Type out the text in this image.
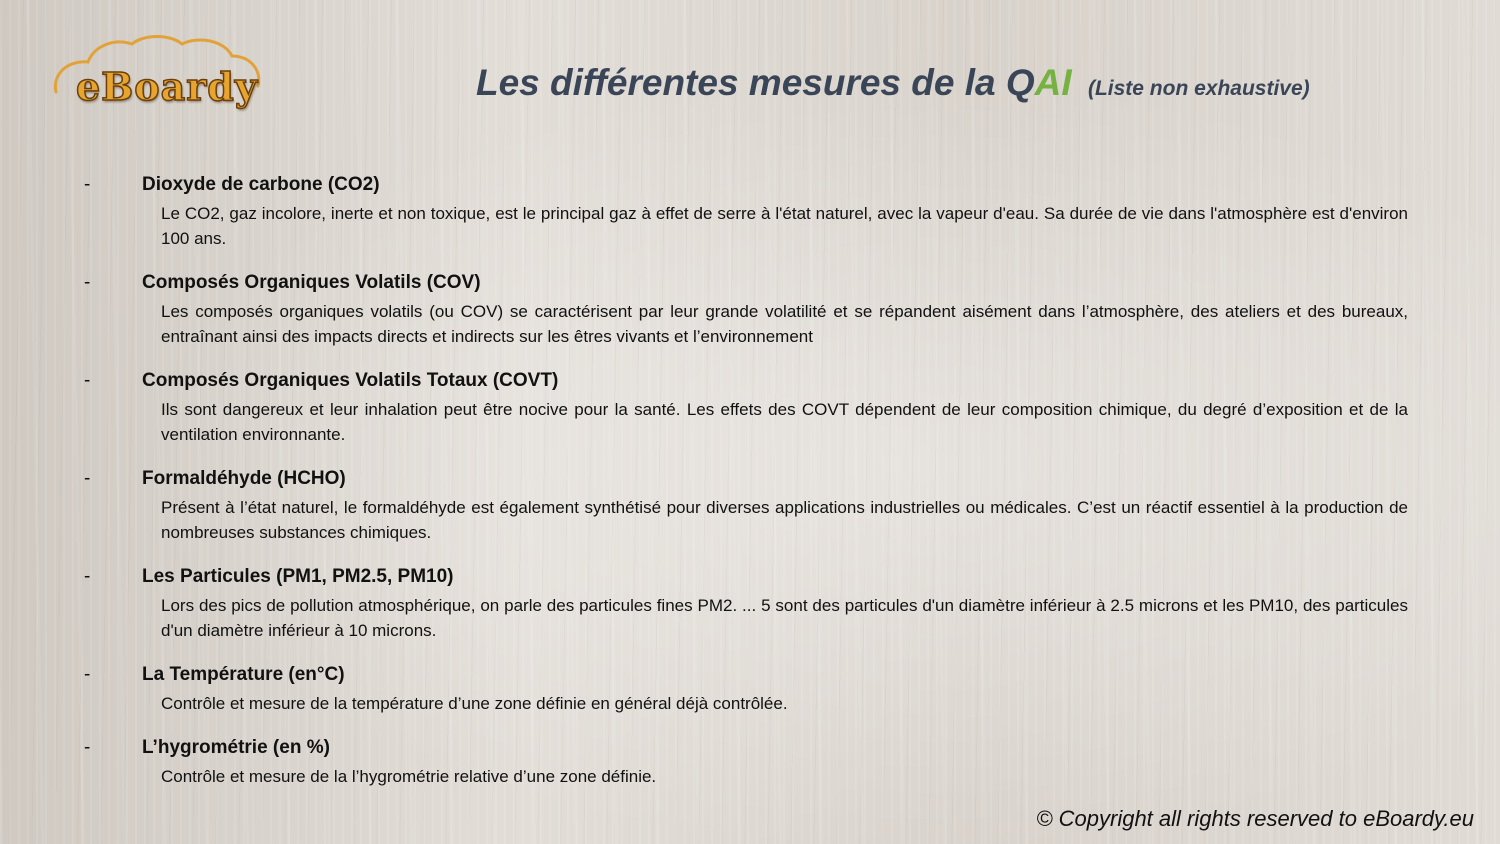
eBoardy	Les différentes mesures de la QAI (Liste non exhaustive)
-	Dioxyde de carbone (CO2)
Le CO2, gaz incolore, inerte et non toxique, est le principal gaz à effet de serre à l'état naturel, avec la vapeur d'eau. Sa durée de vie dans l'atmosphère est d'environ 100 ans.
-	Composés Organiques Volatils (COV)
Les composés organiques volatils (ou COV) se caractérisent par leur grande volatilité et se répandent aisément dans l’atmosphère, des ateliers et des bureaux, entraînant ainsi des impacts directs et indirects sur les êtres vivants et l’environnement
-	Composés Organiques Volatils Totaux (COVT)
Ils sont dangereux et leur inhalation peut être nocive pour la santé. Les effets des COVT dépendent de leur composition chimique, du degré d’exposition et de la ventilation environnante.
-	Formaldéhyde (HCHO)
Présent à l’état naturel, le formaldéhyde est également synthétisé pour diverses applications industrielles ou médicales. C’est un réactif essentiel à la production de nombreuses substances chimiques.
-	Les Particules (PM1, PM2.5, PM10)
Lors des pics de pollution atmosphérique, on parle des particules fines PM2. ... 5 sont des particules d'un diamètre inférieur à 2.5 microns et les PM10, des particules d'un diamètre inférieur à 10 microns.
-	La Température (en°C)
Contrôle et mesure de la température d’une zone définie en général déjà contrôlée.
-	L’hygrométrie (en %)
Contrôle et mesure de la l’hygrométrie relative d’une zone définie.
© Copyright all rights reserved to eBoardy.eu
